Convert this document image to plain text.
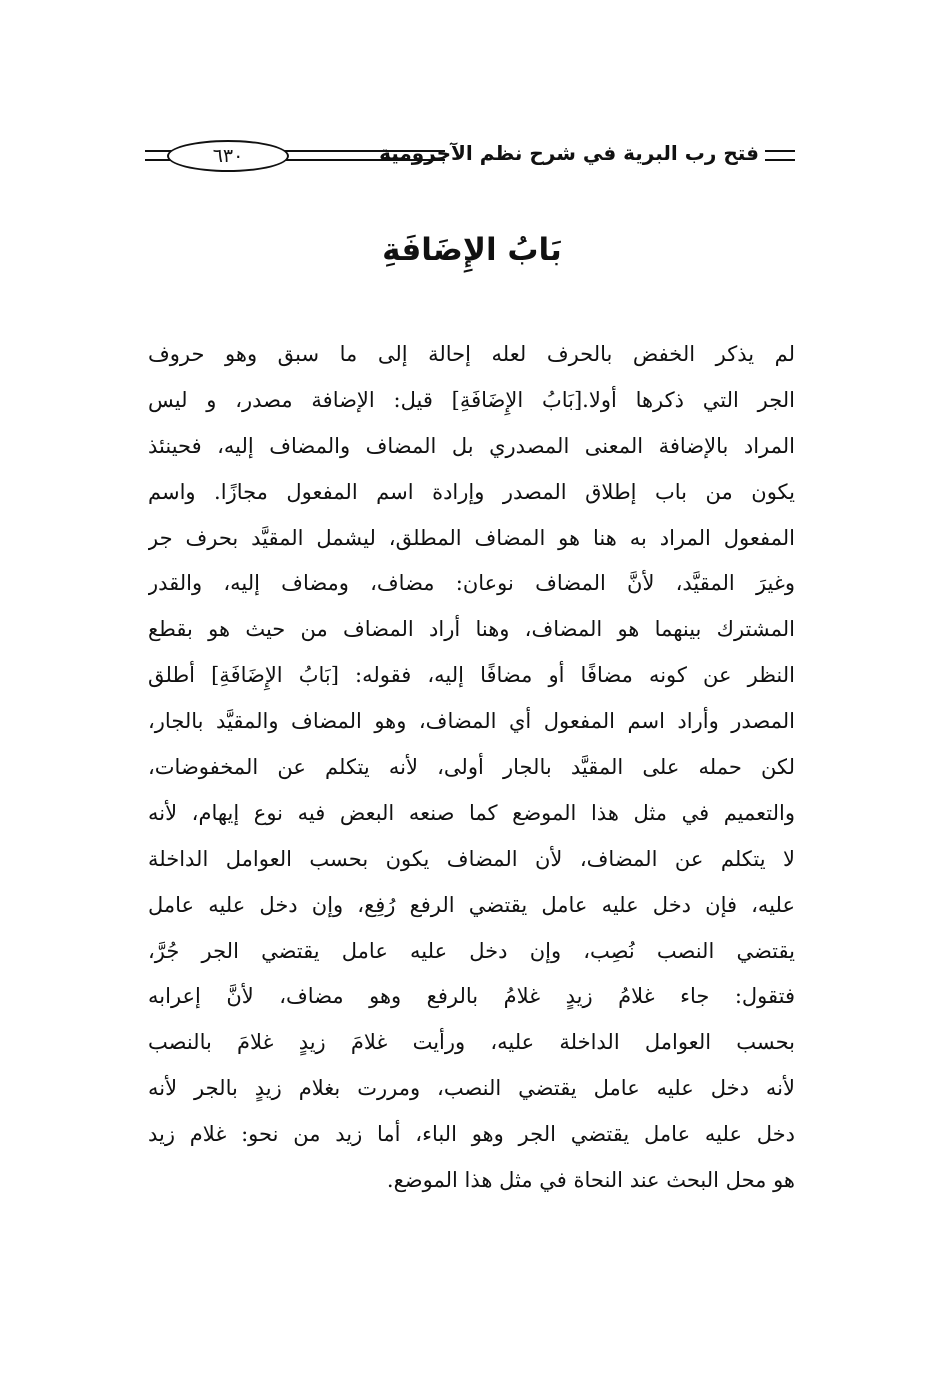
فتح رب البرية في شرح نظم الآجرومية
٦٣٠
بَابُ الإِضَافَةِ
لم يذكر الخفض بالحرف لعله إحالة إلى ما سبق وهو حروف
الجر التي ذكرها أولا.[بَابُ الإِضَافَةِ] قيل: الإضافة مصدر، و ليس
المراد بالإضافة المعنى المصدري بل المضاف والمضاف إليه، فحينئذ
يكون من باب إطلاق المصدر وإرادة اسم المفعول مجازًا. واسم
المفعول المراد به هنا هو المضاف المطلق، ليشمل المقيَّد بحرف جر
وغيرَ المقيَّد، لأنَّ المضاف نوعان: مضاف، ومضاف إليه، والقدر
المشترك بينهما هو المضاف، وهنا أراد المضاف من حيث هو بقطع
النظر عن كونه مضافًا أو مضافًا إليه، فقوله: [بَابُ الإِضَافَةِ] أطلق
المصدر وأراد اسم المفعول أي المضاف، وهو المضاف والمقيَّد بالجار،
لكن حمله على المقيَّد بالجار أولى، لأنه يتكلم عن المخفوضات،
والتعميم في مثل هذا الموضع كما صنعه البعض فيه نوع إيهام، لأنه
لا يتكلم عن المضاف، لأن المضاف يكون بحسب العوامل الداخلة
عليه، فإن دخل عليه عامل يقتضي الرفع رُفِع، وإن دخل عليه عامل
يقتضي النصب نُصِب، وإن دخل عليه عامل يقتضي الجر جُرَّ،
فتقول: جاء غلامُ زيدٍ غلامُ بالرفع وهو مضاف، لأنَّ إعرابه
بحسب العوامل الداخلة عليه، ورأيت غلامَ زيدٍ غلامَ بالنصب
لأنه دخل عليه عامل يقتضي النصب، ومررت بغلام زيدٍ بالجر لأنه
دخل عليه عامل يقتضي الجر وهو الباء، أما زيد من نحو: غلام زيد
هو محل البحث عند النحاة في مثل هذا الموضع.
